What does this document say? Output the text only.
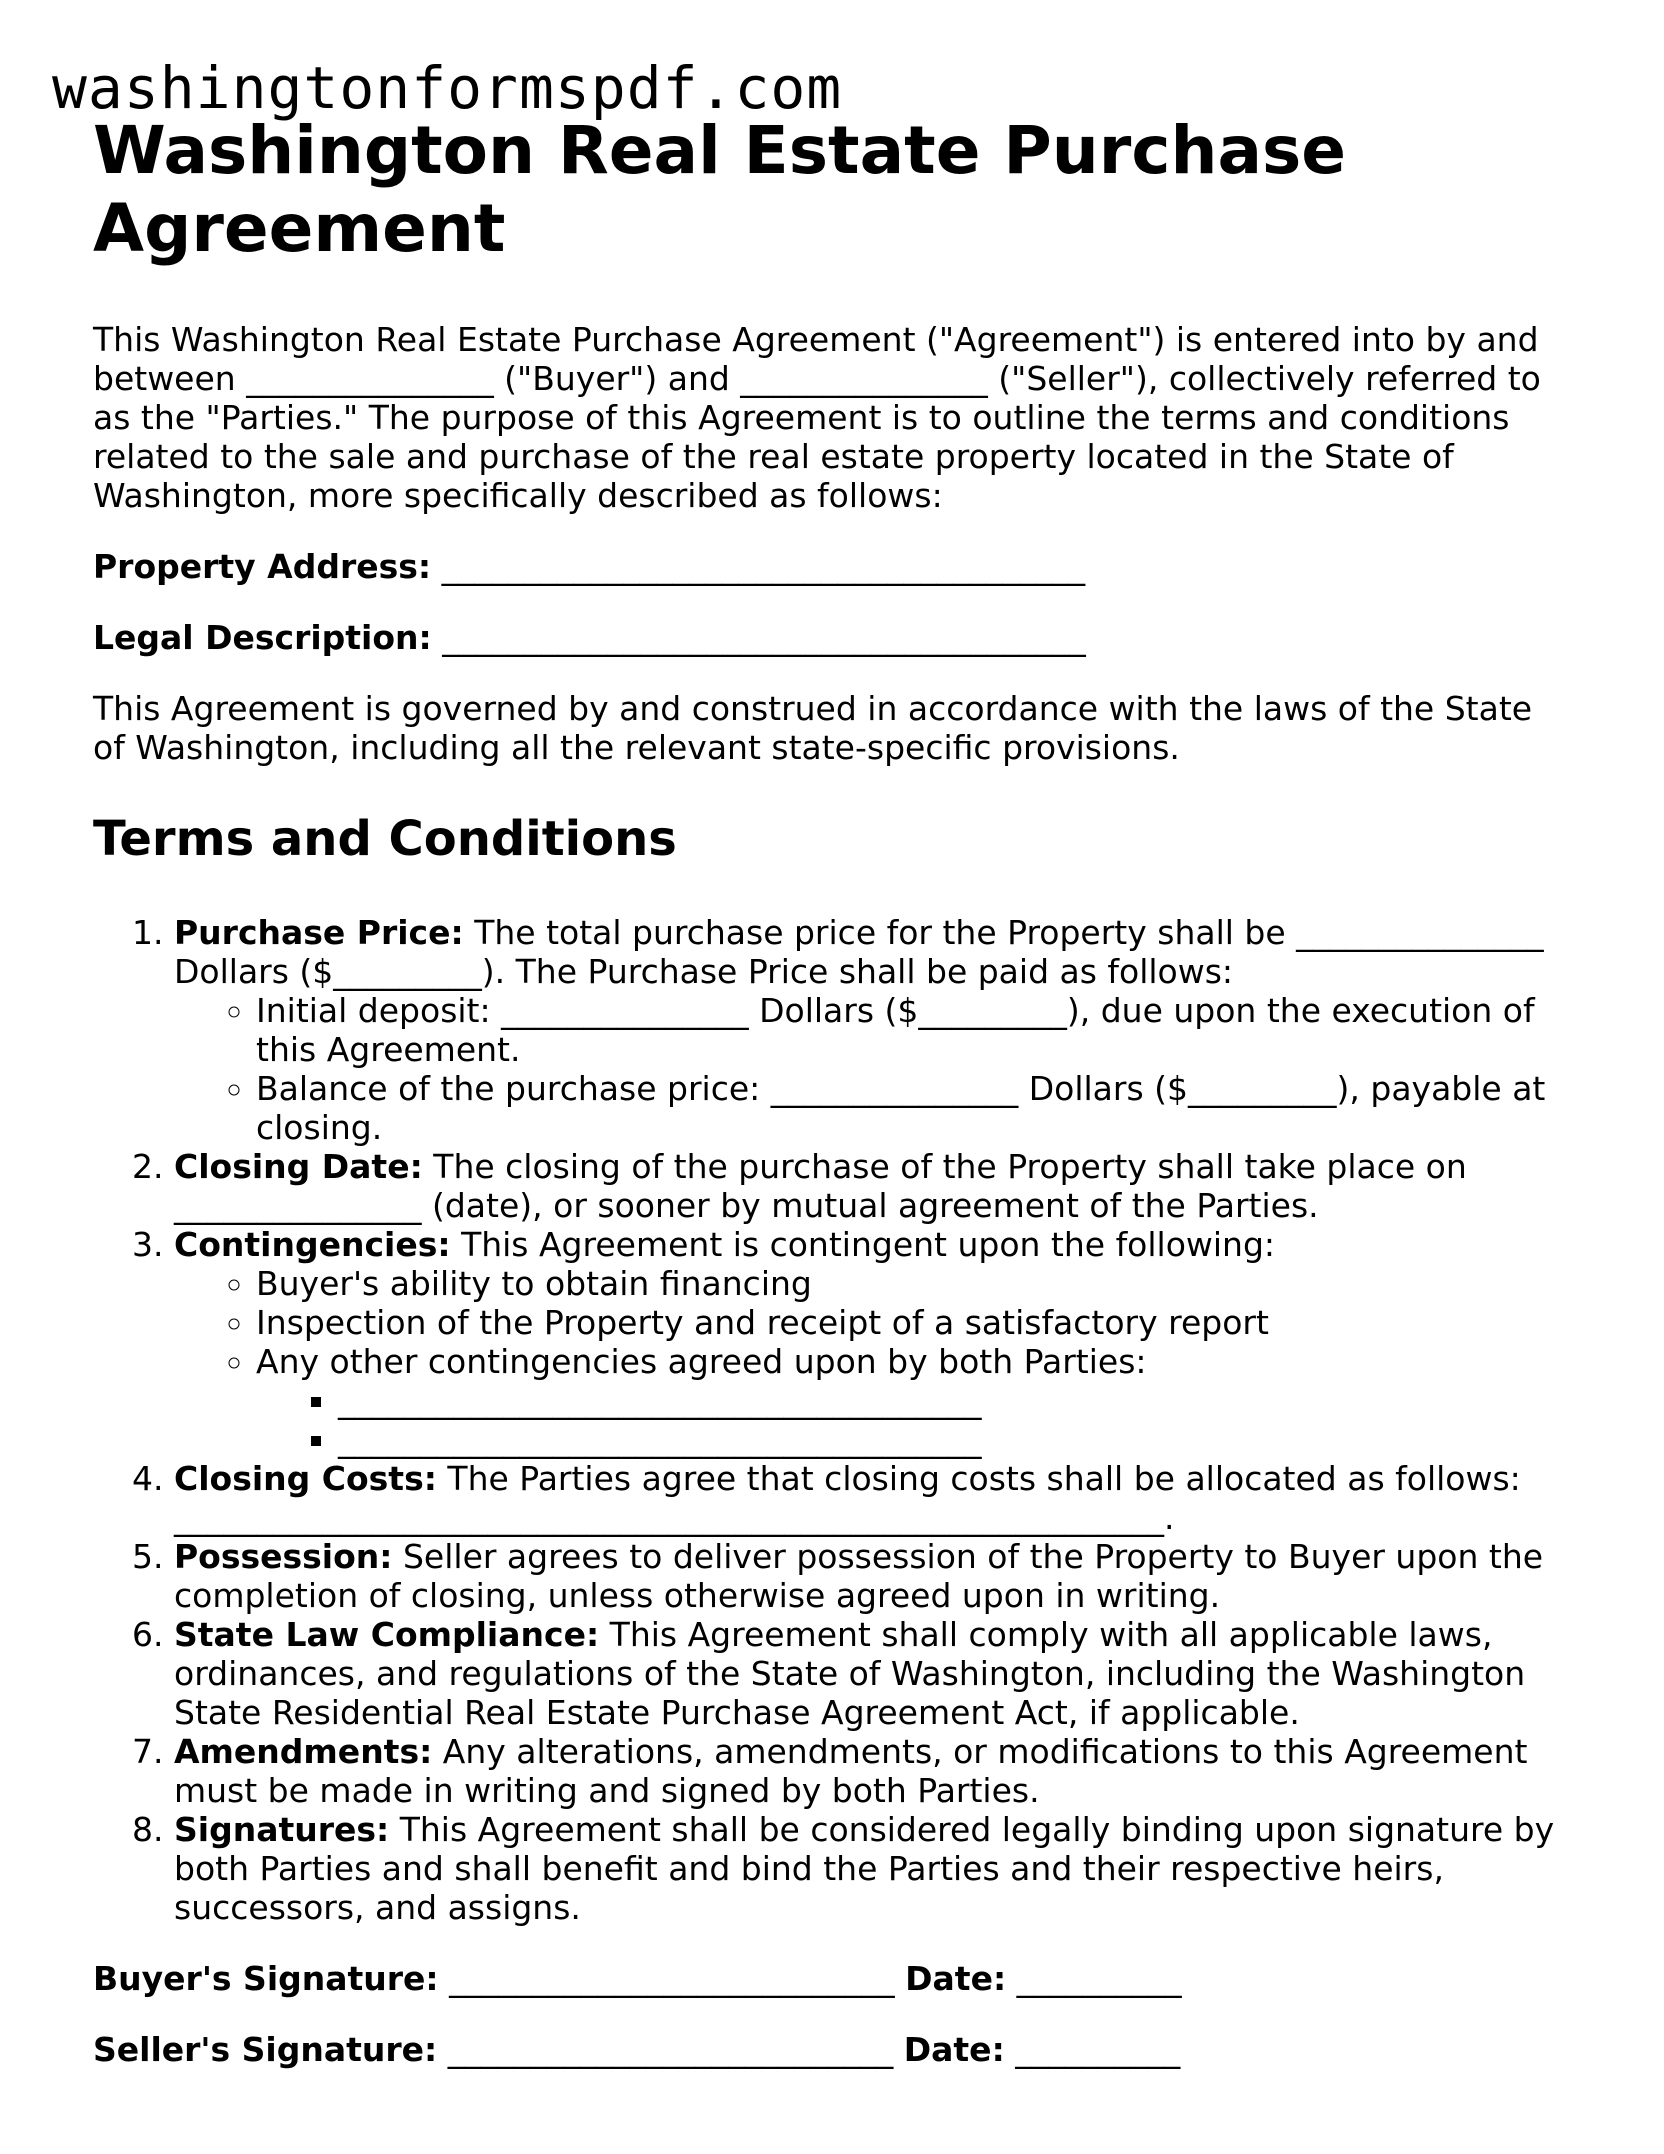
washingtonformspdf.com
Washington Real Estate Purchase Agreement

This Washington Real Estate Purchase Agreement ("Agreement") is entered into by and between _______________ ("Buyer") and _______________ ("Seller"), collectively referred to as the "Parties." The purpose of this Agreement is to outline the terms and conditions related to the sale and purchase of the real estate property located in the State of Washington, more specifically described as follows:

Property Address: _______________________________________

Legal Description: _______________________________________

This Agreement is governed by and construed in accordance with the laws of the State of Washington, including all the relevant state-specific provisions.

Terms and Conditions
1. Purchase Price: The total purchase price for the Property shall be _______________ Dollars ($_________). The Purchase Price shall be paid as follows:
◦ Initial deposit: _______________ Dollars ($_________), due upon the execution of this Agreement.
◦ Balance of the purchase price: _______________ Dollars ($_________), payable at closing.
2. Closing Date: The closing of the purchase of the Property shall take place on _______________ (date), or sooner by mutual agreement of the Parties.
3. Contingencies: This Agreement is contingent upon the following:
◦ Buyer's ability to obtain financing
◦ Inspection of the Property and receipt of a satisfactory report
◦ Any other contingencies agreed upon by both Parties:
▪ _______________________________________
▪ _______________________________________
4. Closing Costs: The Parties agree that closing costs shall be allocated as follows: ____________________________________________________________.
5. Possession: Seller agrees to deliver possession of the Property to Buyer upon the completion of closing, unless otherwise agreed upon in writing.
6. State Law Compliance: This Agreement shall comply with all applicable laws, ordinances, and regulations of the State of Washington, including the Washington State Residential Real Estate Purchase Agreement Act, if applicable.
7. Amendments: Any alterations, amendments, or modifications to this Agreement must be made in writing and signed by both Parties.
8. Signatures: This Agreement shall be considered legally binding upon signature by both Parties and shall benefit and bind the Parties and their respective heirs, successors, and assigns.

Buyer's Signature: ___________________________ Date: __________

Seller's Signature: ___________________________ Date: __________
